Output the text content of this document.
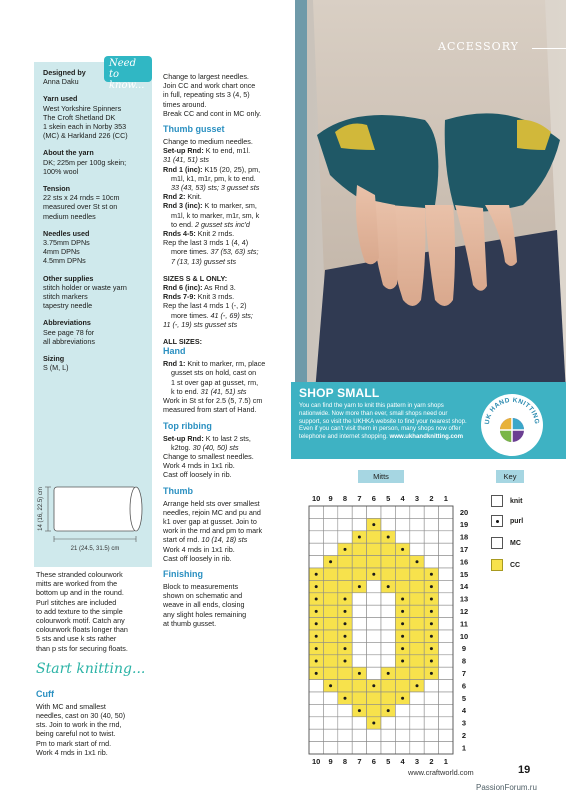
Designed by
Anna Daku
Yarn used
West Yorkshire Spinners
The Croft Shetland DK
1 skein each in Norby 353
(MC) & Harkland 226 (CC)
About the yarn
DK; 225m per 100g skein;
100% wool
Tension
22 sts x 24 rnds = 10cm
measured over St st on
medium needles
Needles used
3.75mm DPNs
4mm DPNs
4.5mm DPNs
Other supplies
stitch holder or waste yarn
stitch markers
tapestry needle
Abbreviations
See page 78 for
all abbreviations
Sizing
S (M, L)
14 (16, 22.5) cm
21 (24.5, 31.5) cm
Need to know...
These stranded colourwork
mitts are worked from the
bottom up and in the round.
Purl stitches are included
to add texture to the simple
colourwork motif. Catch any
colourwork floats longer than
5 sts and use k sts rather
than p sts for securing floats.
Start knitting...
Cuff
With MC and smallest
needles, cast on 30 (40, 50)
sts. Join to work in the rnd,
being careful not to twist.
Pm to mark start of rnd.
Work 4 rnds in 1x1 rib.
Change to largest needles.
Join CC and work chart once
in full, repeating sts 3 (4, 5)
times around.
Break CC and cont in MC only.
Thumb gusset
Change to medium needles.
Set-up Rnd: K to end, m1l.
31 (41, 51) sts
Rnd 1 (inc): K15 (20, 25), pm,
m1l, k1, m1r, pm, k to end.
33 (43, 53) sts; 3 gusset sts
Rnd 2: Knit.
Rnd 3 (inc): K to marker, sm,
m1l, k to marker, m1r, sm, k
to end. 2 gusset sts inc'd
Rnds 4-5: Knit 2 rnds.
Rep the last 3 rnds 1 (4, 4)
more times. 37 (53, 63) sts;
7 (13, 13) gusset sts
SIZES S & L ONLY:
Rnd 6 (inc): As Rnd 3.
Rnds 7-9: Knit 3 rnds.
Rep the last 4 rnds 1 (-, 2)
more times. 41 (-, 69) sts;
11 (-, 19) sts gusset sts
ALL SIZES:
Hand
Rnd 1: Knit to marker, rm, place
gusset sts on hold, cast on
1 st over gap at gusset, rm,
k to end. 31 (41, 51) sts
Work in St st for 2.5 (5, 7.5) cm
measured from start of Hand.
Top ribbing
Set-up Rnd: K to last 2 sts,
k2tog. 30 (40, 50) sts
Change to smallest needles.
Work 4 rnds in 1x1 rib.
Cast off loosely in rib.
Thumb
Arrange held sts over smallest
needles, rejoin MC and pu and
k1 over gap at gusset. Join to
work in the rnd and pm to mark
start of rnd. 10 (14, 18) sts
Work 4 rnds in 1x1 rib.
Cast off loosely in rib.
Finishing
Block to measurements
shown on schematic and
weave in all ends, closing
any slight holes remaining
at thumb gusset.
ACCESSORY
SHOP SMALL
You can find the yarn to knit this pattern in yarn shops nationwide. Now more than ever, small shops need our support, so visit the UKHKA website to find your nearest shop. Even if you can't visit them in person, many shops now offer telephone and internet shopping. www.ukhandknitting.com
UK HAND KNITTING
Mitts	Key
10
10
9
9
8
8
7
7
6
6
5
5
4
4
3
3
2
2
1
1
20
19
18
17
16
15
14
13
12
11
10
9
8
7
6
5
4
3
2
1
knit
purl
MC
CC
www.craftworld.com	19
PassionForum.ru
